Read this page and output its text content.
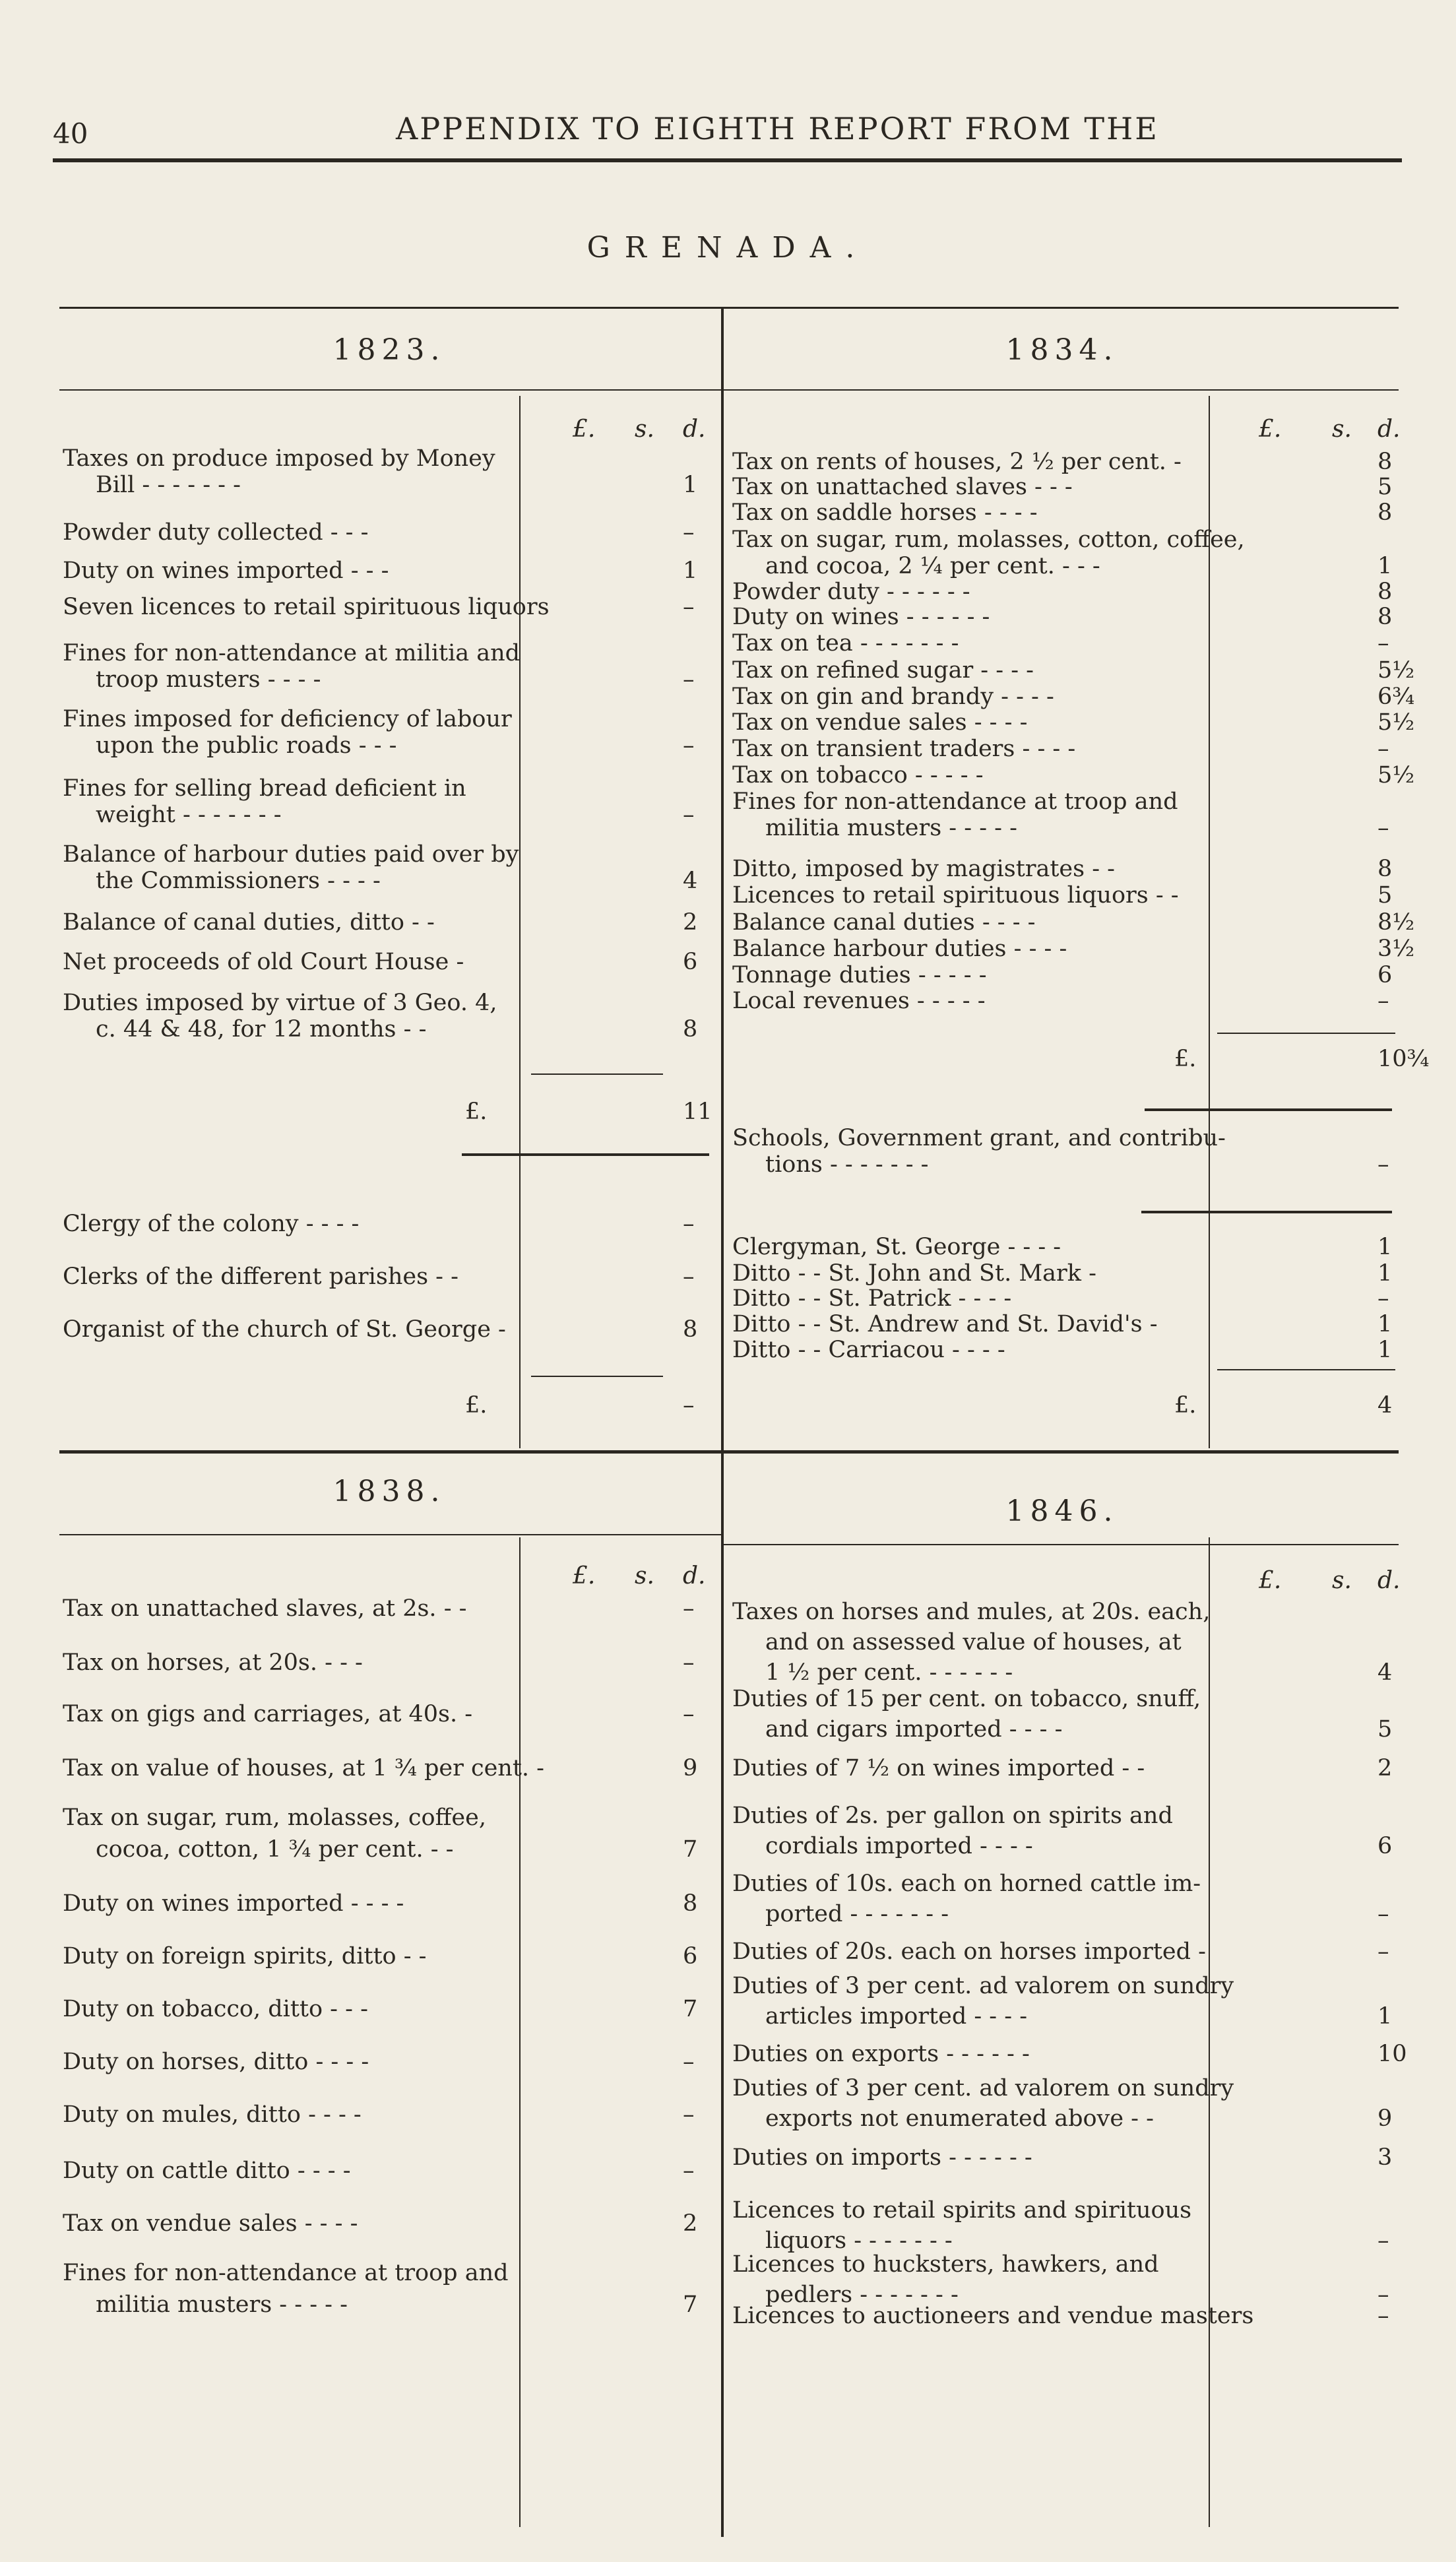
40	APPENDIX TO EIGHTH REPORT FROM THE
GRENADA.
1823.	1834.
1838.
1846.
£. s. d.	£. s. d.
£. s. d.	£. s. d.
Taxes on produce imposed by Money
Bill - - - - - - -	1
Powder duty collected - - -	–
Duty on wines imported - - -	1
Seven licences to retail spirituous liquors	–
Fines for non-attendance at militia and
troop musters - - - -	–
Fines imposed for deficiency of labour
upon the public roads - - -	–
Fines for selling bread deficient in
weight - - - - - - -	–
Balance of harbour duties paid over by
the Commissioners - - - -	4
Balance of canal duties, ditto - -	2
Net proceeds of old Court House -	6
Duties imposed by virtue of 3 Geo. 4,
c. 44 & 48, for 12 months - -	8
£.	11
Clergy of the colony - - - -	–
Clerks of the different parishes - -	–
Organist of the church of St. George -	8
£.	–
Tax on rents of houses, 2 ½ per cent. -	8
Tax on unattached slaves - - -	5
Tax on saddle horses - - - -	8
Tax on sugar, rum, molasses, cotton, coffee,
and cocoa, 2 ¼ per cent. - - -	1
Powder duty - - - - - -	8
Duty on wines - - - - - -	8
Tax on tea - - - - - - -	–
Tax on refined sugar - - - -	5½
Tax on gin and brandy - - - -	6¾
Tax on vendue sales - - - -	5½
Tax on transient traders - - - -	–
Tax on tobacco - - - - -	5½
Fines for non-attendance at troop and
militia musters - - - - -	–
Ditto, imposed by magistrates - -	8
Licences to retail spirituous liquors - -	5
Balance canal duties - - - -	8½
Balance harbour duties - - - -	3½
Tonnage duties - - - - -	6
Local revenues - - - - -	–
£.	10¾
Schools, Government grant, and contribu-
tions - - - - - - -	–
Clergyman, St. George - - - -	1
Ditto - - St. John and St. Mark -	1
Ditto - - St. Patrick - - - -	–
Ditto - - St. Andrew and St. David's -	1
Ditto - - Carriacou - - - -	1
£.	4
Tax on unattached slaves, at 2s. - -	–
Tax on horses, at 20s. - - -	–
Tax on gigs and carriages, at 40s. -	–
Tax on value of houses, at 1 ¾ per cent. -	9
Tax on sugar, rum, molasses, coffee,
cocoa, cotton, 1 ¾ per cent. - -	7
Duty on wines imported - - - -	8
Duty on foreign spirits, ditto - -	6
Duty on tobacco, ditto - - -	7
Duty on horses, ditto - - - -	–
Duty on mules, ditto - - - -	–
Duty on cattle ditto - - - -	–
Tax on vendue sales - - - -	2
Fines for non-attendance at troop and
militia musters - - - - -	7
Taxes on horses and mules, at 20s. each,
and on assessed value of houses, at
1 ½ per cent. - - - - - -	4
Duties of 15 per cent. on tobacco, snuff,
and cigars imported - - - -	5
Duties of 7 ½ on wines imported - -	2
Duties of 2s. per gallon on spirits and
cordials imported - - - -	6
Duties of 10s. each on horned cattle im-
ported - - - - - - -	–
Duties of 20s. each on horses imported -	–
Duties of 3 per cent. ad valorem on sundry
articles imported - - - -	1
Duties on exports - - - - - -	10
Duties of 3 per cent. ad valorem on sundry
exports not enumerated above - -	9
Duties on imports - - - - - -	3
Licences to retail spirits and spirituous
liquors - - - - - - -	–
Licences to hucksters, hawkers, and
pedlers - - - - - - -	–
Licences to auctioneers and vendue masters	–
